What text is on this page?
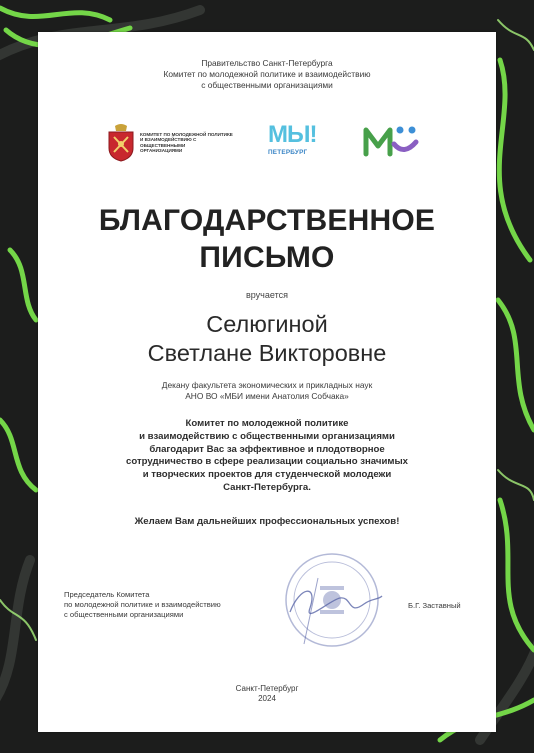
Правительство Санкт-Петербурга
Комитет по молодежной политике и взаимодействию
с общественными организациями
КОМИТЕТ ПО МОЛОДЕЖНОЙ ПОЛИТИКЕ
И ВЗАИМОДЕЙСТВИЮ С ОБЩЕСТВЕННЫМИ
ОРГАНИЗАЦИЯМИ
МЫ!
ПЕТЕРБУРГ
БЛАГОДАРСТВЕННОЕ
ПИСЬМО
вручается
Селюгиной
Светлане Викторовне
Декану факультета экономических и прикладных наук
АНО ВО «МБИ имени Анатолия Собчака»
Комитет по молодежной политике
и взаимодействию с общественными организациями
благодарит Вас за эффективное и плодотворное
сотрудничество в сфере реализации социально значимых
и творческих проектов для студенческой молодежи
Санкт-Петербурга.
Желаем Вам дальнейших профессиональных успехов!
Председатель Комитета
по молодежной политике и взаимодействию
с общественными организациями
Б.Г. Заставный
Санкт-Петербург
2024
